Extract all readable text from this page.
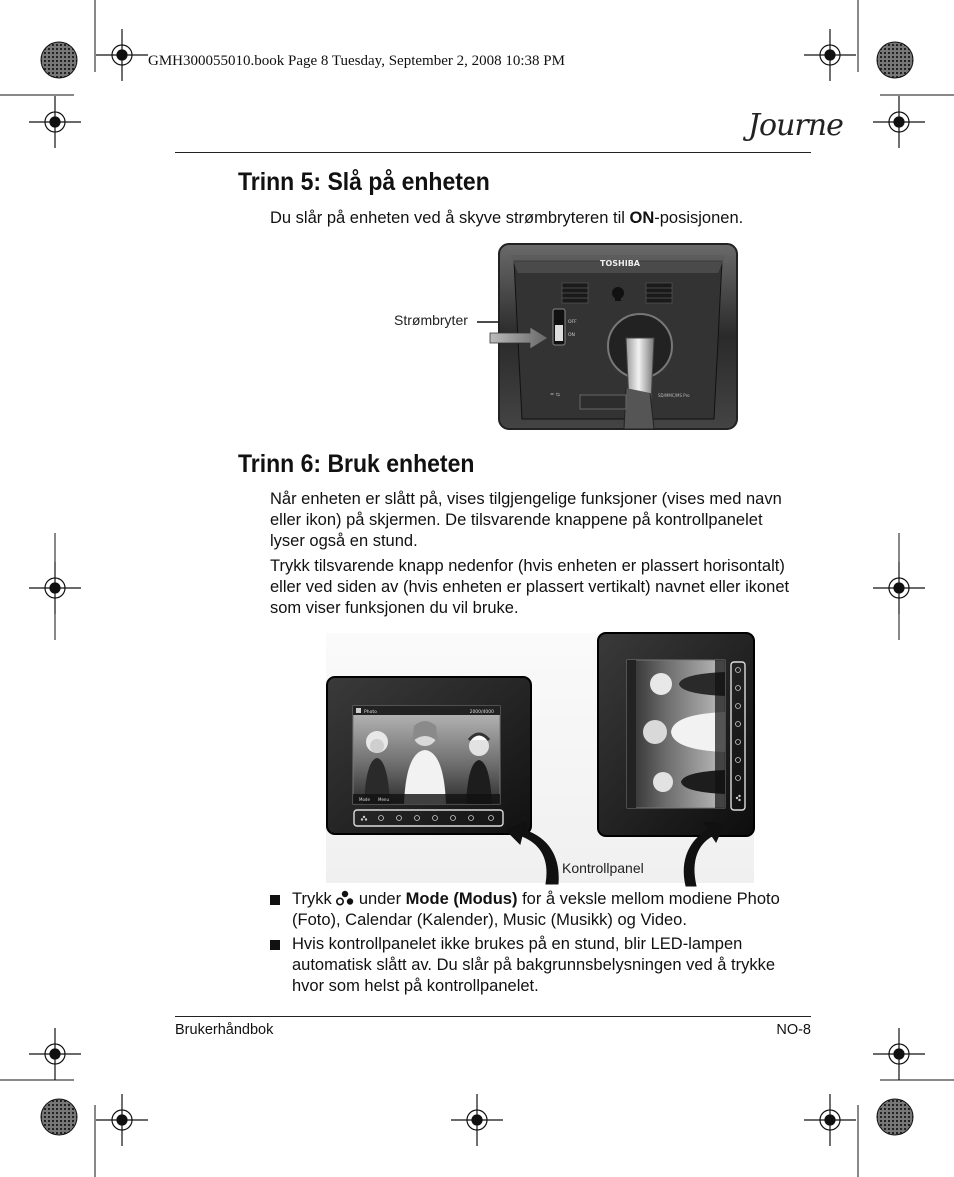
GMH300055010.book Page 8 Tuesday, September 2, 2008 10:38 PM
Journe
Trinn 5: Slå på enheten

Du slår på enheten ved å skyve strømbryteren til ON-posisjonen.

Strømbryter
TOSHIBA
OFF
ON
= ⇆	SD/MMC/MS Pro
Trinn 6: Bruk enheten

Når enheten er slått på, vises tilgjengelige funksjoner (vises med navn eller ikon) på skjermen. De tilsvarende knappene på kontrollpanelet lyser også en stund.

Trykk tilsvarende knapp nedenfor (hvis enheten er plassert horisontalt) eller ved siden av (hvis enheten er plassert vertikalt) navnet eller ikonet som viser funksjonen du vil bruke.

Photo	2000/4000
Mode Menu
Kontrollpanel
Trykk  under Mode (Modus) for å veksle mellom modiene Photo (Foto), Calendar (Kalender), Music (Musikk) og Video.
Hvis kontrollpanelet ikke brukes på en stund, blir LED-lampen automatisk slått av. Du slår på bakgrunnsbelysningen ved å trykke hvor som helst på kontrollpanelet.
Brukerhåndbok	NO-8
